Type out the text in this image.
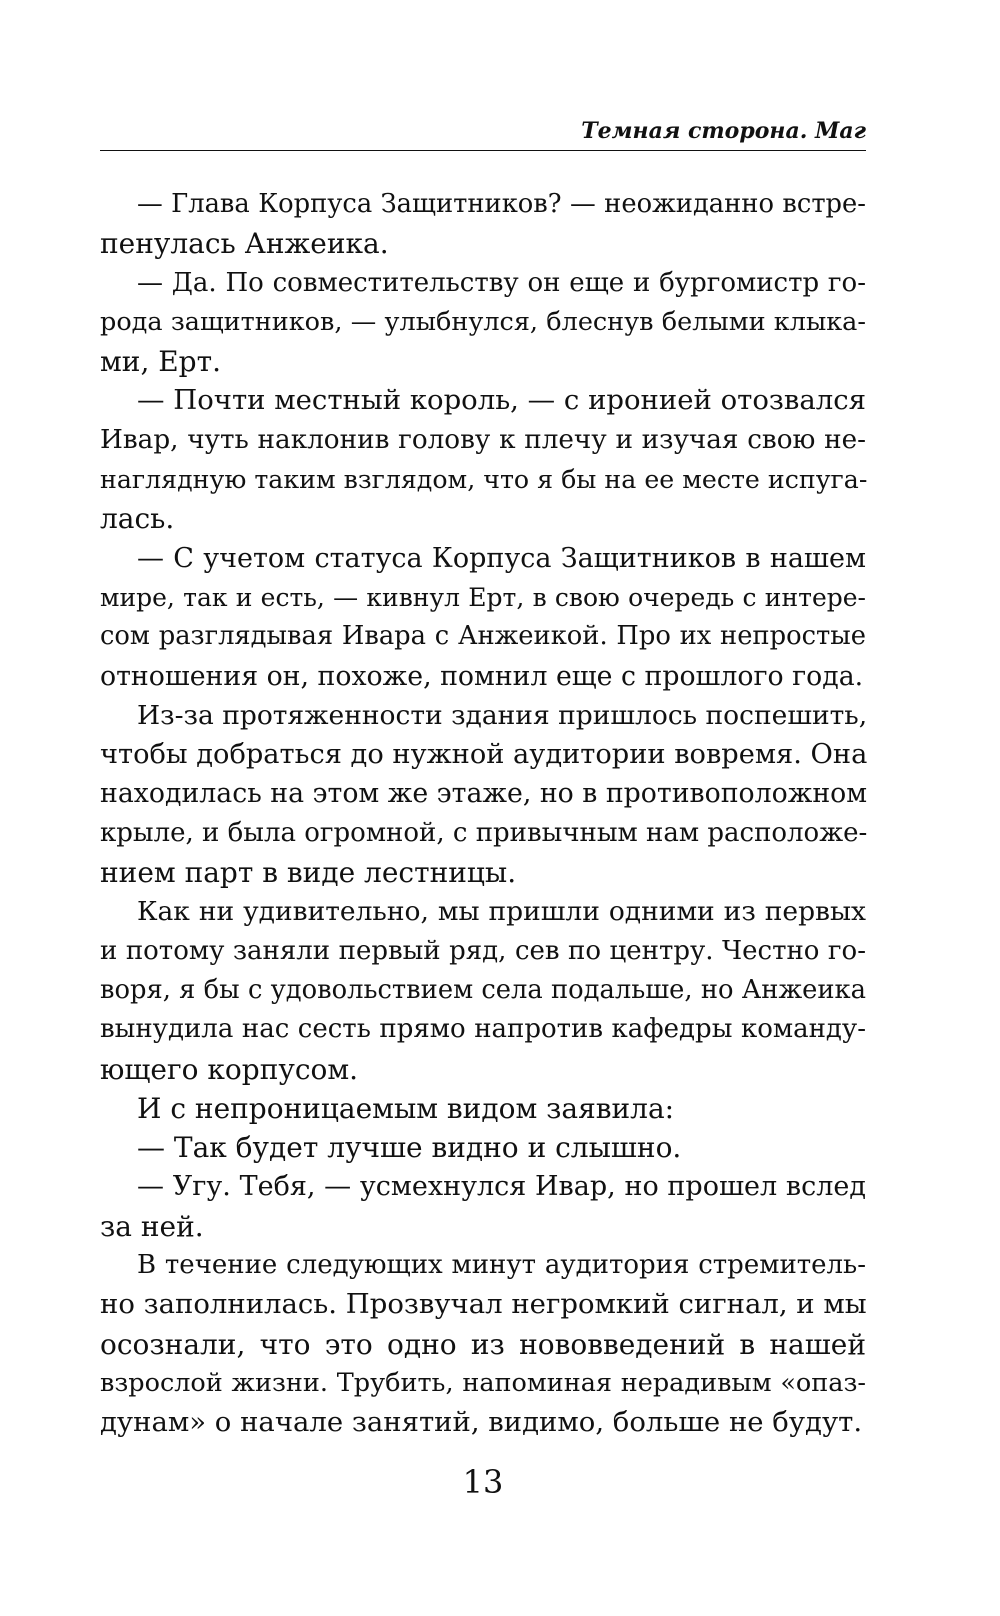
Темная сторона. Маг
— Глава Корпуса Защитников? — неожиданно встре-
пенулась Анжеика.
— Да. По совместительству он еще и бургомистр го-
рода защитников, — улыбнулся, блеснув белыми клыка-
ми, Ерт.
— Почти местный король, — с иронией отозвался
Ивар, чуть наклонив голову к плечу и изучая свою не-
наглядную таким взглядом, что я бы на ее месте испуга-
лась.
— С учетом статуса Корпуса Защитников в нашем
мире, так и есть, — кивнул Ерт, в свою очередь с интере-
сом разглядывая Ивара с Анжеикой. Про их непростые
отношения он, похоже, помнил еще с прошлого года.
Из-за протяженности здания пришлось поспешить,
чтобы добраться до нужной аудитории вовремя. Она
находилась на этом же этаже, но в противоположном
крыле, и была огромной, с привычным нам расположе-
нием парт в виде лестницы.
Как ни удивительно, мы пришли одними из первых
и потому заняли первый ряд, сев по центру. Честно го-
воря, я бы с удовольствием села подальше, но Анжеика
вынудила нас сесть прямо напротив кафедры команду-
ющего корпусом.
И с непроницаемым видом заявила:
— Так будет лучше видно и слышно.
— Угу. Тебя, — усмехнулся Ивар, но прошел вслед
за ней.
В течение следующих минут аудитория стремитель-
но заполнилась. Прозвучал негромкий сигнал, и мы
осознали, что это одно из нововведений в нашей
взрослой жизни. Трубить, напоминая нерадивым «опаз-
дунам» о начале занятий, видимо, больше не будут.
13
